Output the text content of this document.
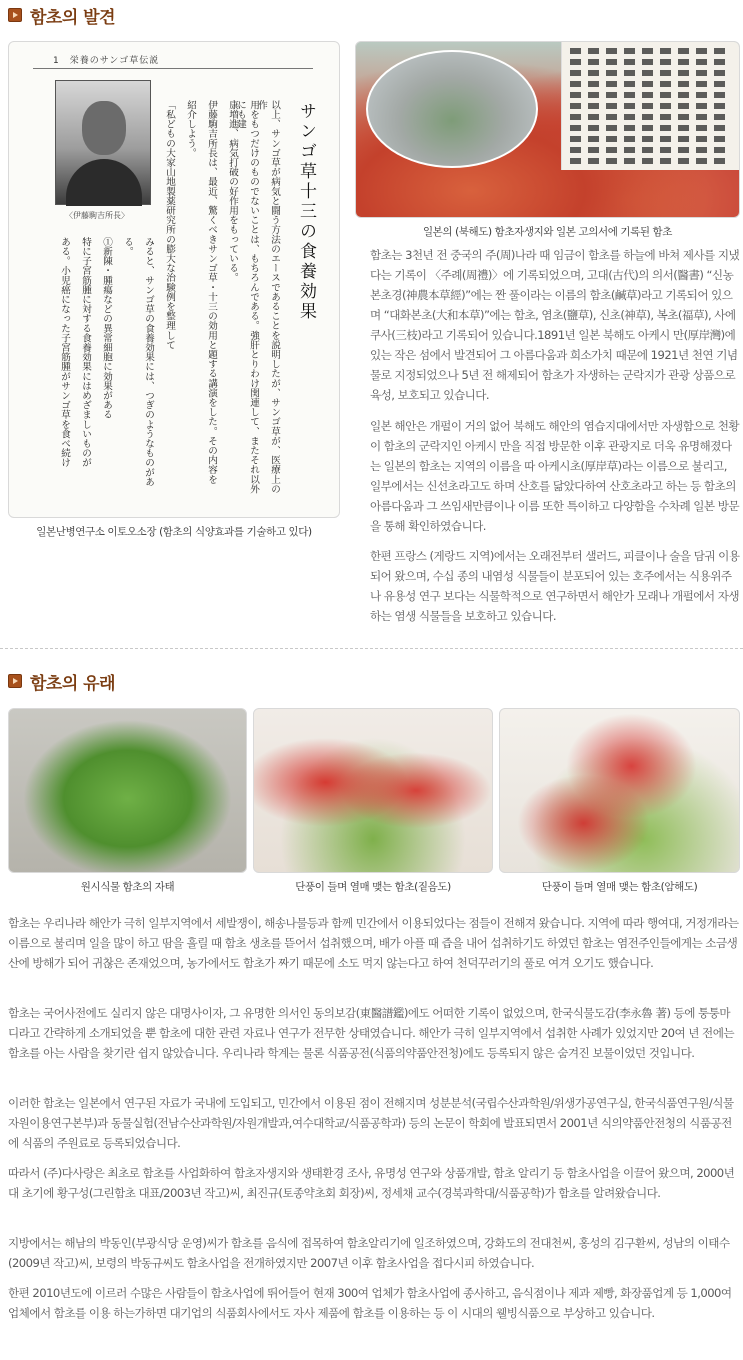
함초의 발견
1　栄養のサンゴ草伝説
〈伊藤駒吉所長〉	サンゴ草十三の食養効果
以上、サンゴ草が病気と闘う方法のエースであることを説明したが、サンゴ草が、医療上の作
用をもつだけのものでないことは、もちろんである。強肝とりわけ関連して、またそれ以外にも建
康増進、病気打破の好作用をもっている。
伊藤駒吉所長は、最近、驚くべきサンゴ草・十三の効用と題する講演をした。その内容を
紹介しよう。
「私どもの大家山地製薬研究所の膨大な治験例を整理して
みると、サンゴ草の食養効果には、つぎのようなものがあ
る。
①新陳・腫瘍などの異常細胞に効果がある
特に子宮筋腫に対する食養効果にはめざましいものが
ある。小児癌になった子宮筋腫がサンゴ草を食べ続け
일본난병연구소 이토오소장 (함초의 식양효과를 기술하고 있다)
일본의 (북해도) 함초자생지와 일본 고의서에 기록된 함초
함초는 3천년 전 중국의 주(周)나라 때 임금이 함초를 하늘에 바쳐 제사를 지냈다는 기록이 〈주례(周禮)〉에 기록되었으며, 고대(古代)의 의서(醫書) “신농본초경(神農本草經)”에는 짠 풀이라는 이름의 함초(鹹草)라고 기록되어 있으며 “대화본초(大和本草)”에는 함초, 염초(鹽草), 신초(神草), 복초(福草), 사에쿠사(三枝)라고 기록되어 있습니다.1891년 일본 북해도 아케시 만(厚岸灣)에 있는 작은 섬에서 발견되어 그 아름다움과 희소가치 때문에 1921년 천연 기념물로 지정되었으나 5년 전 해제되어 함초가 자생하는 군락지가 관광 상품으로 육성, 보호되고 있습니다.
일본 해안은 개펄이 거의 없어 북해도 해안의 염습지대에서만 자생함으로 천황이 함초의 군락지인 아케시 만을 직접 방문한 이후 관광지로 더욱 유명해졌다는 일본의 함초는 지역의 이름을 따 아케시초(厚岸草)라는 이름으로 불리고, 일부에서는 신선초라고도 하며 산호를 닮았다하여 산호초라고 하는 등 함초의 아름다움과 그 쓰임새만큼이나 이름 또한 특이하고 다양함을 수차례 일본 방문을 통해 확인하였습니다.
한편 프랑스 (게랑드 지역)에서는 오래전부터 샐러드, 피클이나 술을 담궈 이용되어 왔으며, 수십 종의 내염성 식물들이 분포되어 있는 호주에서는 식용위주나 유용성 연구 보다는 식물학적으로 연구하면서 해안가 모래나 개펄에서 자생하는 염생 식물들을 보호하고 있습니다.
함초의 유래
원시식물 함초의 자태	단풍이 들며 열매 맺는 함초(짙음도)	단풍이 들며 열매 맺는 함초(암해도)
함초는 우리나라 해안가 극히 일부지역에서 세발쟁이, 해송나물등과 함께 민간에서 이용되었다는 점들이 전해져 왔습니다. 지역에 따라 행여대, 거정개라는 이름으로 불리며 일을 많이 하고 땀을 흘릴 때 함초 생초를 뜯어서 섭취했으며, 배가 아플 때 즙을 내어 섭취하기도 하였던 함초는 염전주인들에게는 소금생산에 방해가 되어 귀찮은 존재었으며, 농가에서도 함초가 짜기 때문에 소도 먹지 않는다고 하여 천덕꾸러기의 풀로 여겨 오기도 했습니다.
함초는 국어사전에도 실리지 않은 대명사이자, 그 유명한 의서인 동의보감(東醫譜鑑)에도 어떠한 기록이 없었으며, 한국식물도감(李永魯 著) 등에 퉁퉁마디라고 간략하게 소개되었을 뿐 함초에 대한 관련 자료나 연구가 전무한 상태였습니다. 해안가 극히 일부지역에서 섭취한 사례가 있었지만 20여 년 전에는 함초를 아는 사람을 찾기란 쉽지 않았습니다. 우리나라 학계는 물론 식품공전(식품의약품안전청)에도 등록되지 않은 숨겨진 보물이었던 것입니다.
이러한 함초는 일본에서 연구된 자료가 국내에 도입되고, 민간에서 이용된 점이 전해지며 성분분석(국립수산과학원/위생가공연구실, 한국식품연구원/식물자원이용연구본부)과 동물실험(전남수산과학원/자원개발과,여수대학교/식품공학과) 등의 논문이 학회에 발표되면서 2001년 식의약품안전청의 식품공전에 식품의 주원료로 등록되었습니다.
따라서 (주)다사랑은 최초로 함초를 사업화하여 함초자생지와 생태환경 조사, 유명성 연구와 상품개발, 함초 알리기 등 함초사업을 이끌어 왔으며, 2000년대 초기에 황구성(그린함초 대표/2003년 작고)씨, 최진규(토종약초회 회장)씨, 정세채 교수(경북과학대/식품공학)가 함초를 알려왔습니다.
지방에서는 해남의 박동인(부광식당 운영)씨가 함초를 음식에 접목하여 함초알리기에 일조하였으며, 강화도의 전대천씨, 홍성의 김구환씨, 성남의 이태수(2009년 작고)씨, 보령의 박동규씨도 함초사업을 전개하였지만 2007년 이후 함초사업을 접다시피 하였습니다.
한편 2010년도에 이르러 수많은 사람들이 함초사업에 뛰어들어 현재 300여 업체가 함초사업에 종사하고, 음식점이나 제과 제빵, 화장품업계 등 1,000여 업체에서 함초를 이용 하는가하면 대기업의 식품회사에서도 자사 제품에 함초를 이용하는 등 이 시대의 웰빙식품으로 부상하고 있습니다.
